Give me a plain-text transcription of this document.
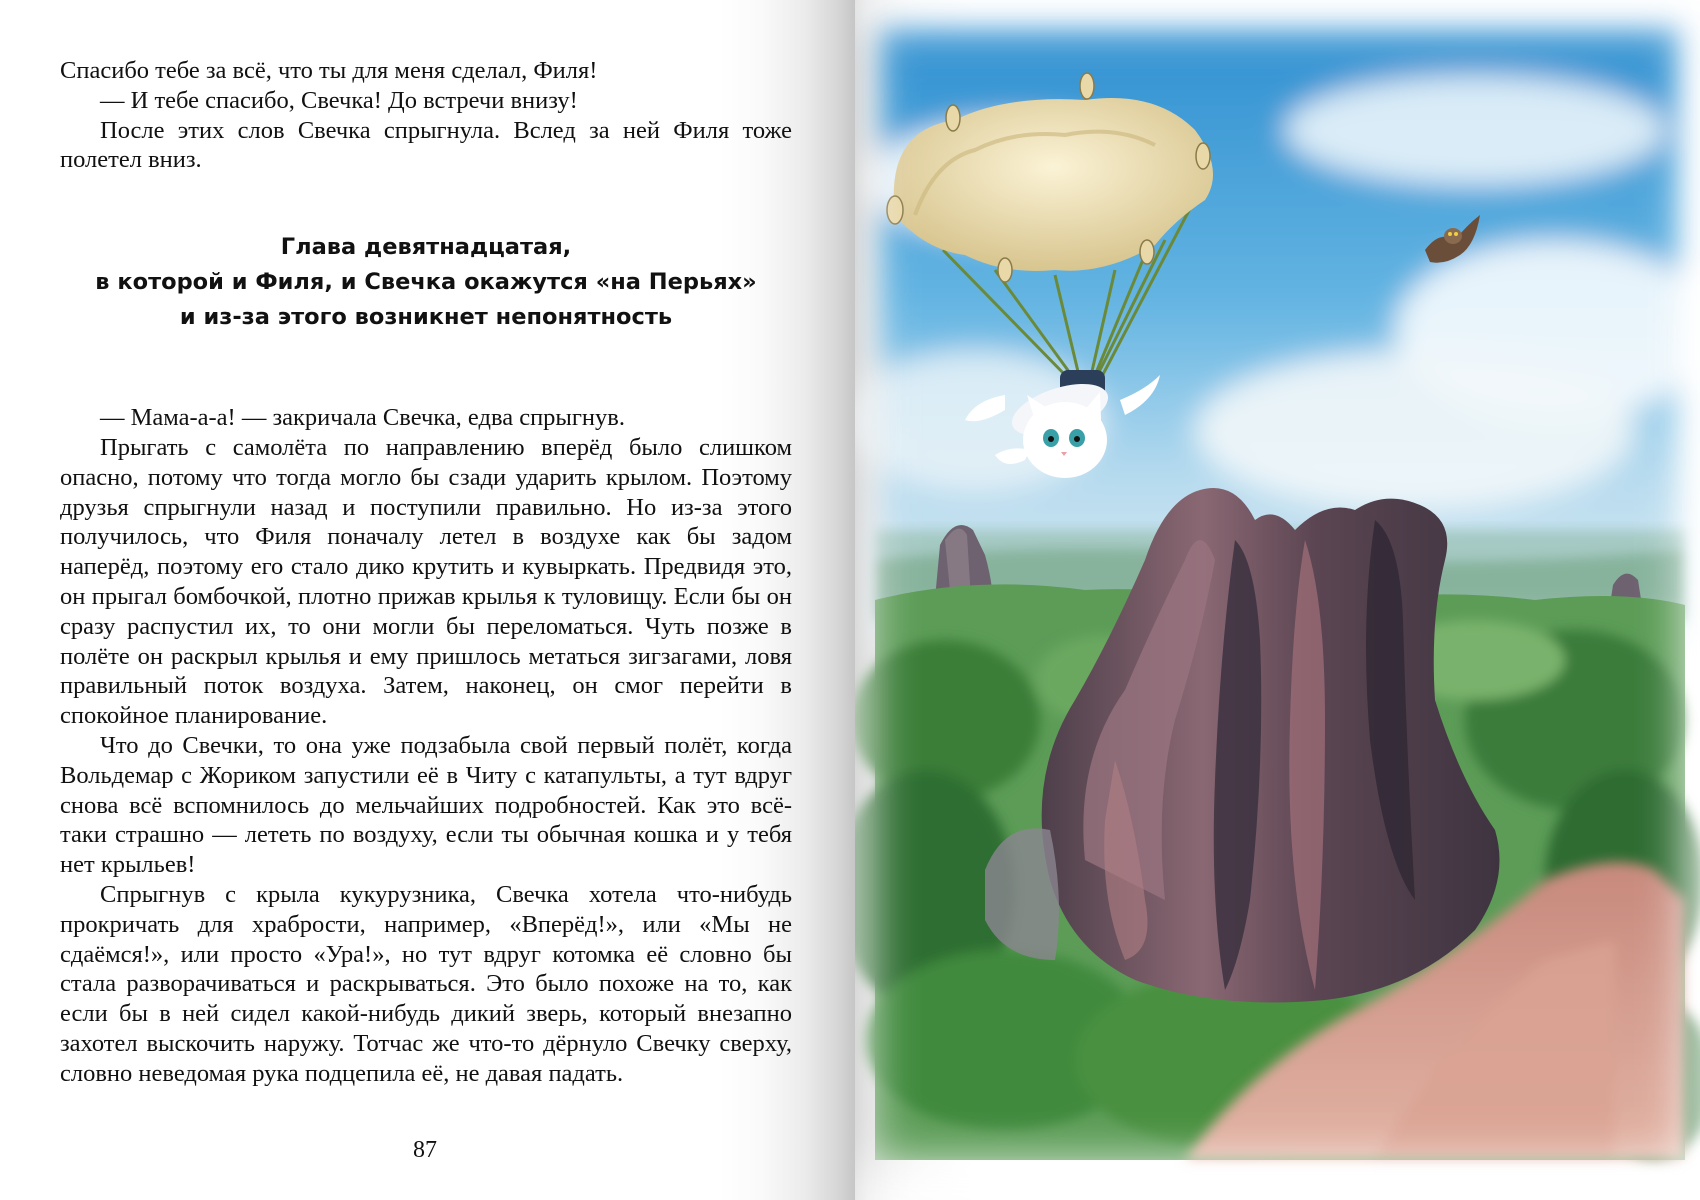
Спасибо тебе за всё, что ты для меня сделал, Филя!

— И тебе спасибо, Свечка! До встречи внизу!

После этих слов Свечка спрыгнула. Вслед за ней Филя тоже полетел вниз.

Глава девятнадцатая,
в которой и Филя, и Свечка окажутся «на Перьях»
и из-за этого возникнет непонятность

— Мама-а-а! — закричала Свечка, едва спрыгнув.

Прыгать с самолёта по направлению вперёд было слишком опасно, потому что тогда могло бы сзади ударить крылом. Поэтому друзья спрыгнули назад и поступили правильно. Но из-за этого получилось, что Филя поначалу летел в воздухе как бы задом наперёд, поэтому его стало дико крутить и кувыркать. Предвидя это, он прыгал бомбочкой, плотно прижав крылья к туловищу. Если бы он сразу распустил их, то они могли бы переломаться. Чуть позже в полёте он раскрыл крылья и ему пришлось метаться зигзагами, ловя правильный поток воздуха. Затем, наконец, он смог перейти в спокойное планирование.

Что до Свечки, то она уже подзабыла свой первый полёт, когда Вольдемар с Жориком запустили её в Читу с катапульты, а тут вдруг снова всё вспомнилось до мельчайших подробностей. Как это всё-таки страшно — лететь по воздуху, если ты обычная кошка и у тебя нет крыльев!

Спрыгнув с крыла кукурузника, Свечка хотела что-нибудь прокричать для храбрости, например, «Вперёд!», или «Мы не сдаёмся!», или просто «Ура!», но тут вдруг котомка её словно бы стала разворачиваться и раскрываться. Это было похоже на то, как если бы в ней сидел какой-нибудь дикий зверь, который внезапно захотел выскочить наружу. Тотчас же что-то дёрнуло Свечку сверху, словно неведомая рука подцепила её, не давая падать.

87
